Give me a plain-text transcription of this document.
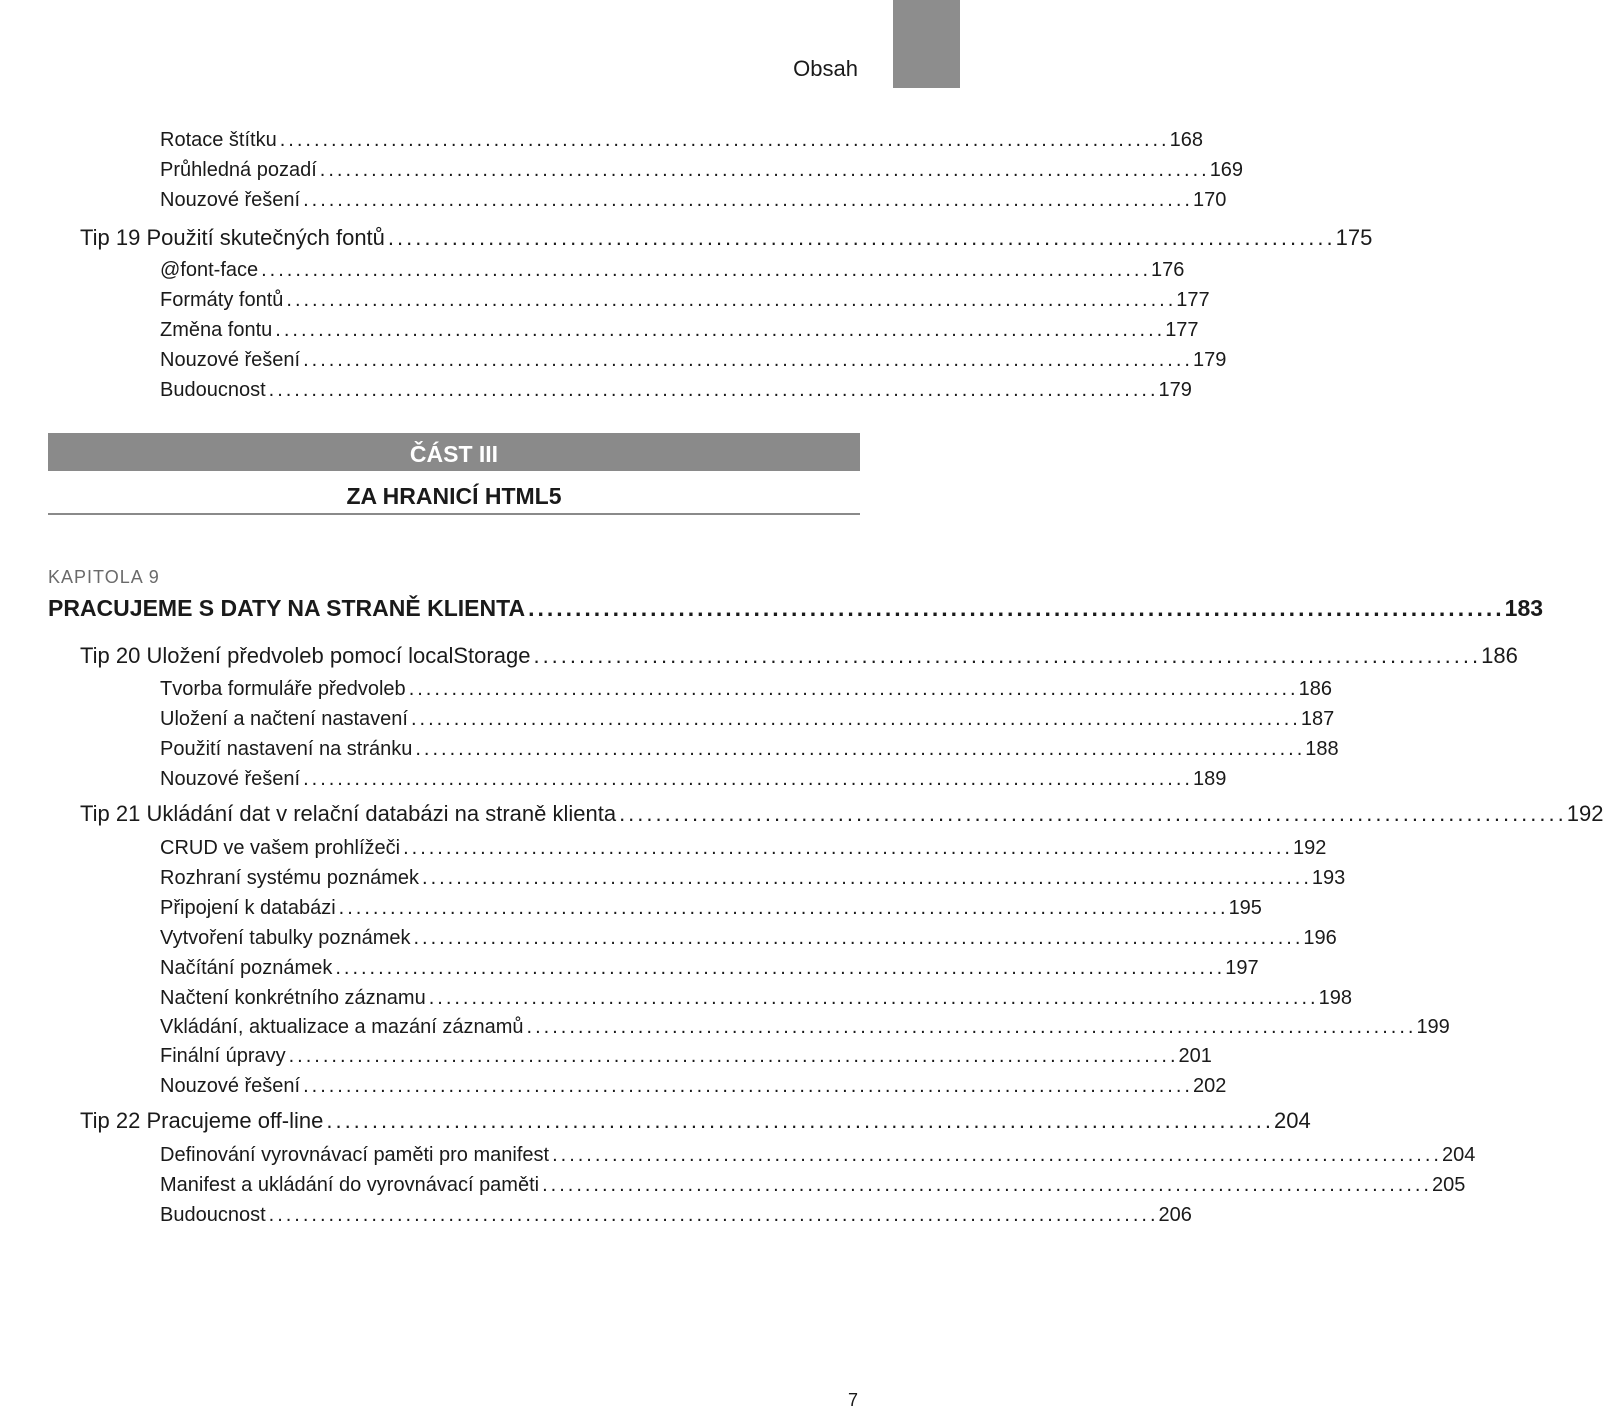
Obsah
Rotace štítku ........................................................................................................ 168
Průhledná pozadí ........................................................................................................ 169
Nouzové řešení ........................................................................................................ 170
Tip 19 Použití skutečných fontů ........................................................................................................ 175
@font-face ........................................................................................................ 176
Formáty fontů ........................................................................................................ 177
Změna fontu ........................................................................................................ 177
Nouzové řešení ........................................................................................................ 179
Budoucnost ........................................................................................................ 179
ČÁST III
ZA HRANICÍ HTML5
KAPITOLA 9
PRACUJEME S DATY NA STRANĚ KLIENTA ........................................................................................................ 183
Tip 20 Uložení předvoleb pomocí localStorage ........................................................................................................ 186
Tvorba formuláře předvoleb ........................................................................................................ 186
Uložení a načtení nastavení ........................................................................................................ 187
Použití nastavení na stránku ........................................................................................................ 188
Nouzové řešení ........................................................................................................ 189
Tip 21 Ukládání dat v relační databázi na straně klienta ........................................................................................................ 192
CRUD ve vašem prohlížeči ........................................................................................................ 192
Rozhraní systému poznámek ........................................................................................................ 193
Připojení k databázi ........................................................................................................ 195
Vytvoření tabulky poznámek ........................................................................................................ 196
Načítání poznámek ........................................................................................................ 197
Načtení konkrétního záznamu ........................................................................................................ 198
Vkládání, aktualizace a mazání záznamů ........................................................................................................ 199
Finální úpravy ........................................................................................................ 201
Nouzové řešení ........................................................................................................ 202
Tip 22 Pracujeme off-line ........................................................................................................ 204
Definování vyrovnávací paměti pro manifest ........................................................................................................ 204
Manifest a ukládání do vyrovnávací paměti ........................................................................................................ 205
Budoucnost ........................................................................................................ 206
7
